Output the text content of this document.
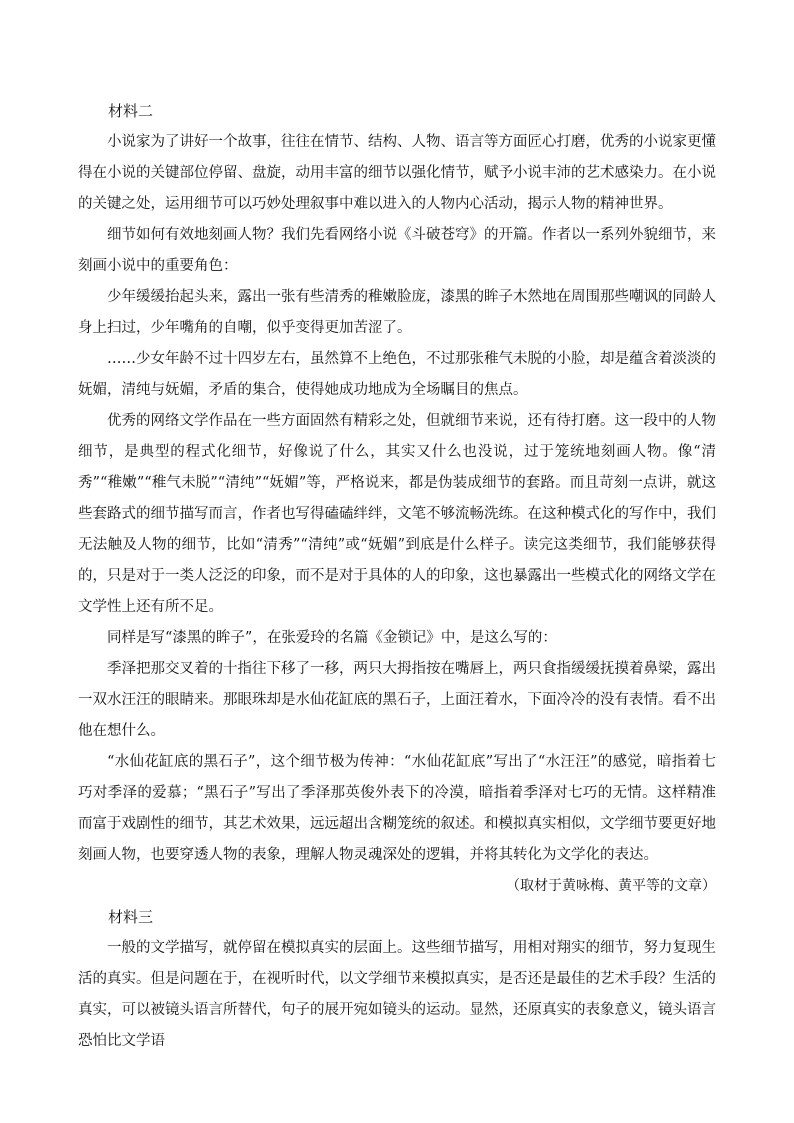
材料二

小说家为了讲好一个故事，往往在情节、结构、人物、语言等方面匠心打磨，优秀的小说家更懂得在小说的关键部位停留、盘旋，动用丰富的细节以强化情节，赋予小说丰沛的艺术感染力。在小说的关键之处，运用细节可以巧妙处理叙事中难以进入的人物内心活动，揭示人物的精神世界。

细节如何有效地刻画人物？我们先看网络小说《斗破苍穹》的开篇。作者以一系列外貌细节，来刻画小说中的重要角色：

少年缓缓抬起头来，露出一张有些清秀的稚嫩脸庞，漆黑的眸子木然地在周围那些嘲讽的同龄人身上扫过，少年嘴角的自嘲，似乎变得更加苦涩了。

……少女年龄不过十四岁左右，虽然算不上绝色，不过那张稚气未脱的小脸，却是蕴含着淡淡的妩媚，清纯与妩媚，矛盾的集合，使得她成功地成为全场瞩目的焦点。

优秀的网络文学作品在一些方面固然有精彩之处，但就细节来说，还有待打磨。这一段中的人物细节，是典型的程式化细节，好像说了什么，其实又什么也没说，过于笼统地刻画人物。像“清秀”“稚嫩”“稚气未脱”“清纯”“妩媚”等，严格说来，都是伪装成细节的套路。而且苛刻一点讲，就这些套路式的细节描写而言，作者也写得磕磕绊绊，文笔不够流畅洗练。在这种模式化的写作中，我们无法触及人物的细节，比如“清秀”“清纯”或“妩媚”到底是什么样子。读完这类细节，我们能够获得的，只是对于一类人泛泛的印象，而不是对于具体的人的印象，这也暴露出一些模式化的网络文学在文学性上还有所不足。

同样是写“漆黑的眸子”，在张爱玲的名篇《金锁记》中，是这么写的：

季泽把那交叉着的十指往下移了一移，两只大拇指按在嘴唇上，两只食指缓缓抚摸着鼻梁，露出一双水汪汪的眼睛来。那眼珠却是水仙花缸底的黑石子，上面汪着水，下面冷冷的没有表情。看不出他在想什么。

“水仙花缸底的黑石子”，这个细节极为传神：“水仙花缸底”写出了“水汪汪”的感觉，暗指着七巧对季泽的爱慕；“黑石子”写出了季泽那英俊外表下的冷漠，暗指着季泽对七巧的无情。这样精准而富于戏剧性的细节，其艺术效果，远远超出含糊笼统的叙述。和模拟真实相似，文学细节要更好地刻画人物，也要穿透人物的表象，理解人物灵魂深处的逻辑，并将其转化为文学化的表达。

（取材于黄咏梅、黄平等的文章）
材料三

一般的文学描写，就停留在模拟真实的层面上。这些细节描写，用相对翔实的细节，努力复现生活的真实。但是问题在于，在视听时代，以文学细节来模拟真实，是否还是最佳的艺术手段？生活的真实，可以被镜头语言所替代，句子的展开宛如镜头的运动。显然，还原真实的表象意义，镜头语言恐怕比文学语
